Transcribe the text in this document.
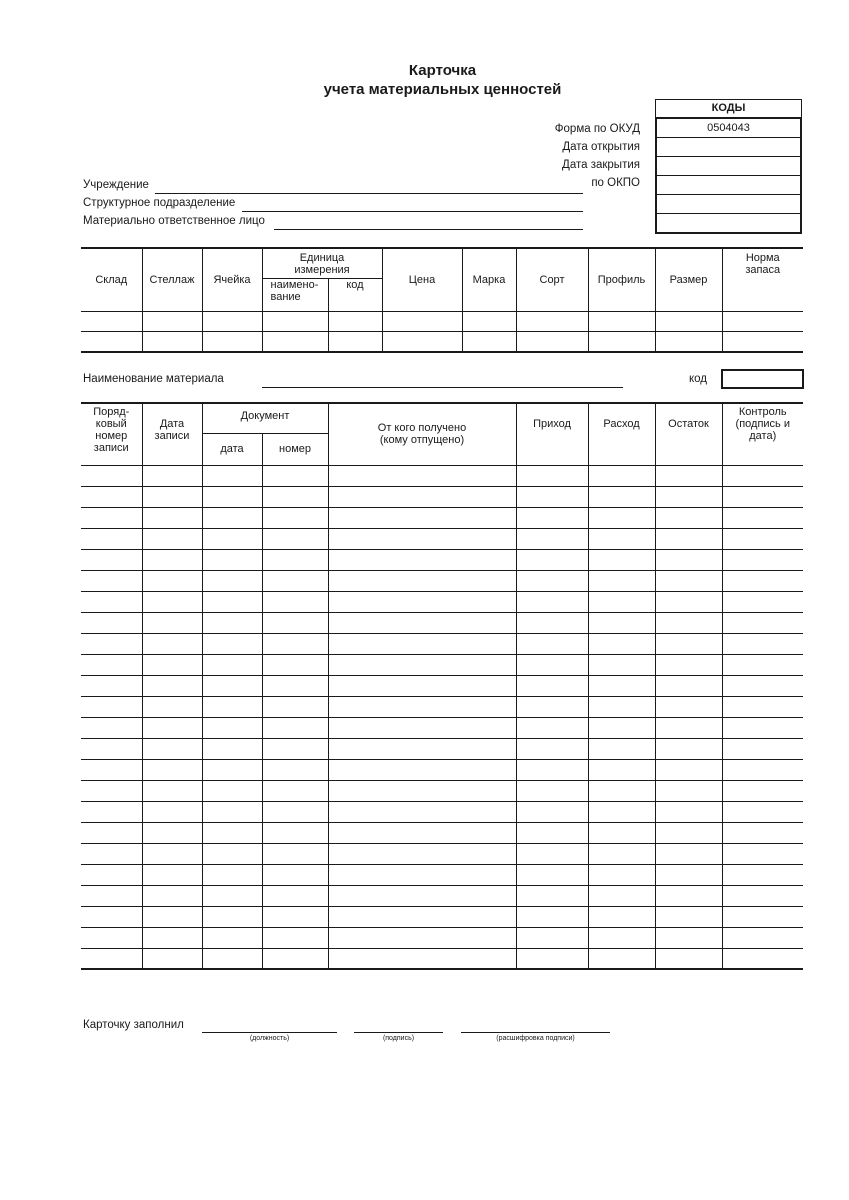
Карточка
учета материальных ценностей
КОДЫ
0504043
Форма по ОКУД
Дата открытия
Дата закрытия
по ОКПО
Учреждение
Структурное подразделение
Материально ответственное лицо
Склад	Стеллаж	Ячейка	Единица измерения		Цена	Марка	Сорт	Профиль	Размер	Норма запаса
			наимено-вание	код						

Наименование материала	код
Поряд-ковый номер записи	Дата записи	Документ		От кого получено (кому отпущено)	Приход	Расход	Остаток	Контроль (подпись и дата)
		дата	номер					

Карточку заполнил
(должность)	(подпись)	(расшифровка подписи)
